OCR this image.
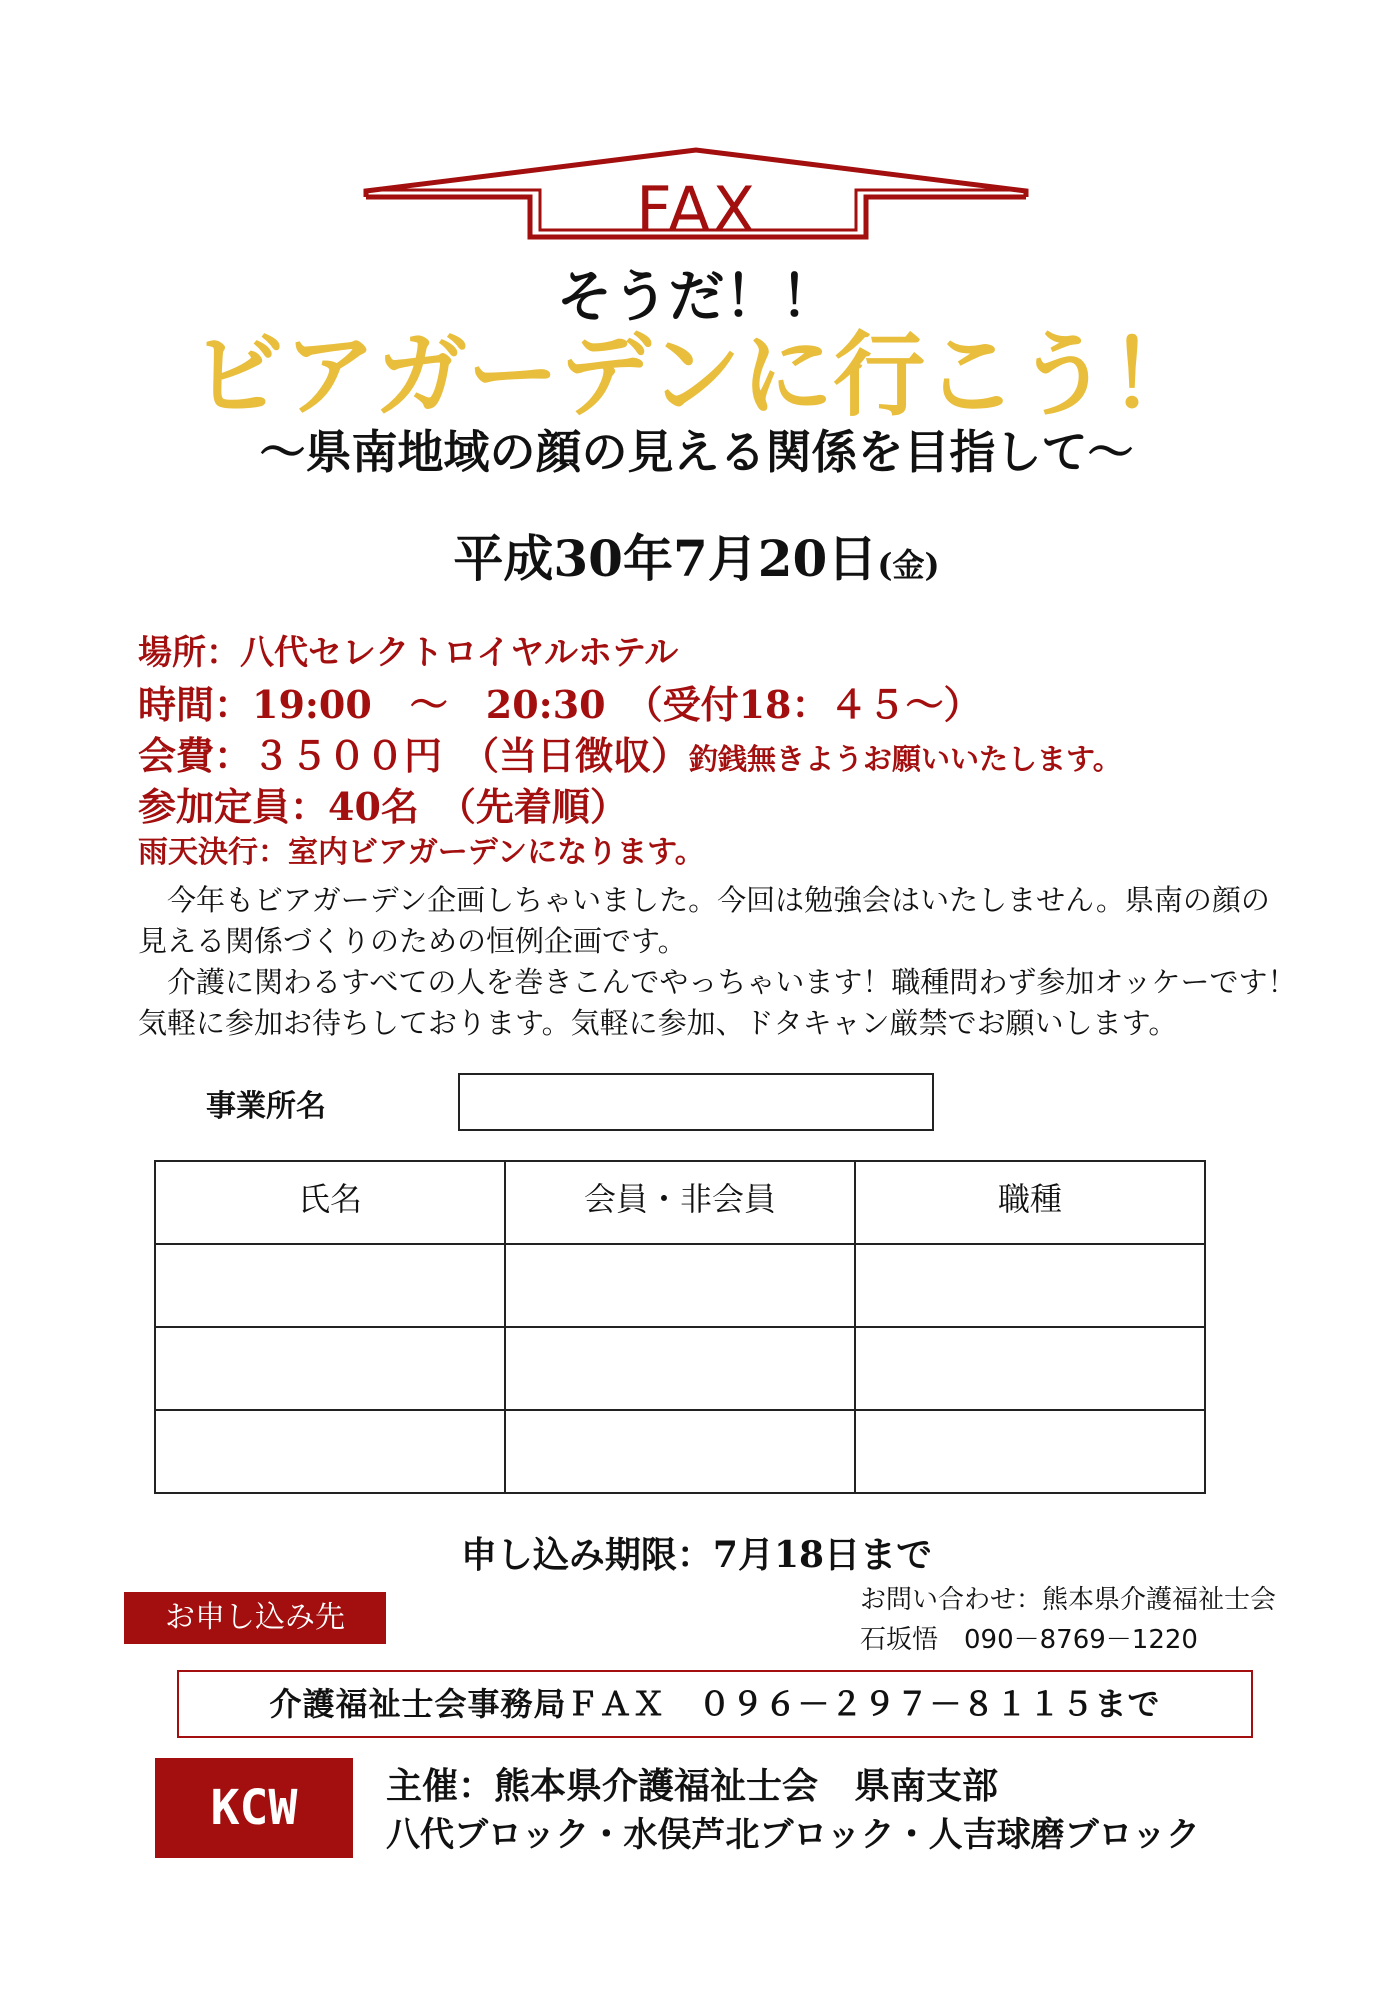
FAX
そうだ！！
ビアガーデンに行こう！
～県南地域の顔の見える関係を目指して～
平成30年7月20日(金)
場所：八代セレクトロイヤルホテル
時間：19:00　～　20:30　（受付18：４５～）
会費：３５００円　（当日徴収）釣銭無きようお願いいたします。
参加定員：40名　（先着順）
雨天決行：室内ビアガーデンになります。

今年もビアガーデン企画しちゃいました。今回は勉強会はいたしません。県南の顔の見える関係づくりのための恒例企画です。

介護に関わるすべての人を巻きこんでやっちゃいます！職種問わず参加オッケーです！気軽に参加お待ちしております。気軽に参加、ドタキャン厳禁でお願いします。

事業所名
氏名	会員・非会員	職種

申し込み期限：7月18日まで
お申し込み先	お問い合わせ：熊本県介護福祉士会
石坂悟　090－8769－1220
介護福祉士会事務局ＦＡＸ　０９６－２９７－８１１５まで
KCW	主催：熊本県介護福祉士会　県南支部
八代ブロック・水俣芦北ブロック・人吉球磨ブロック
